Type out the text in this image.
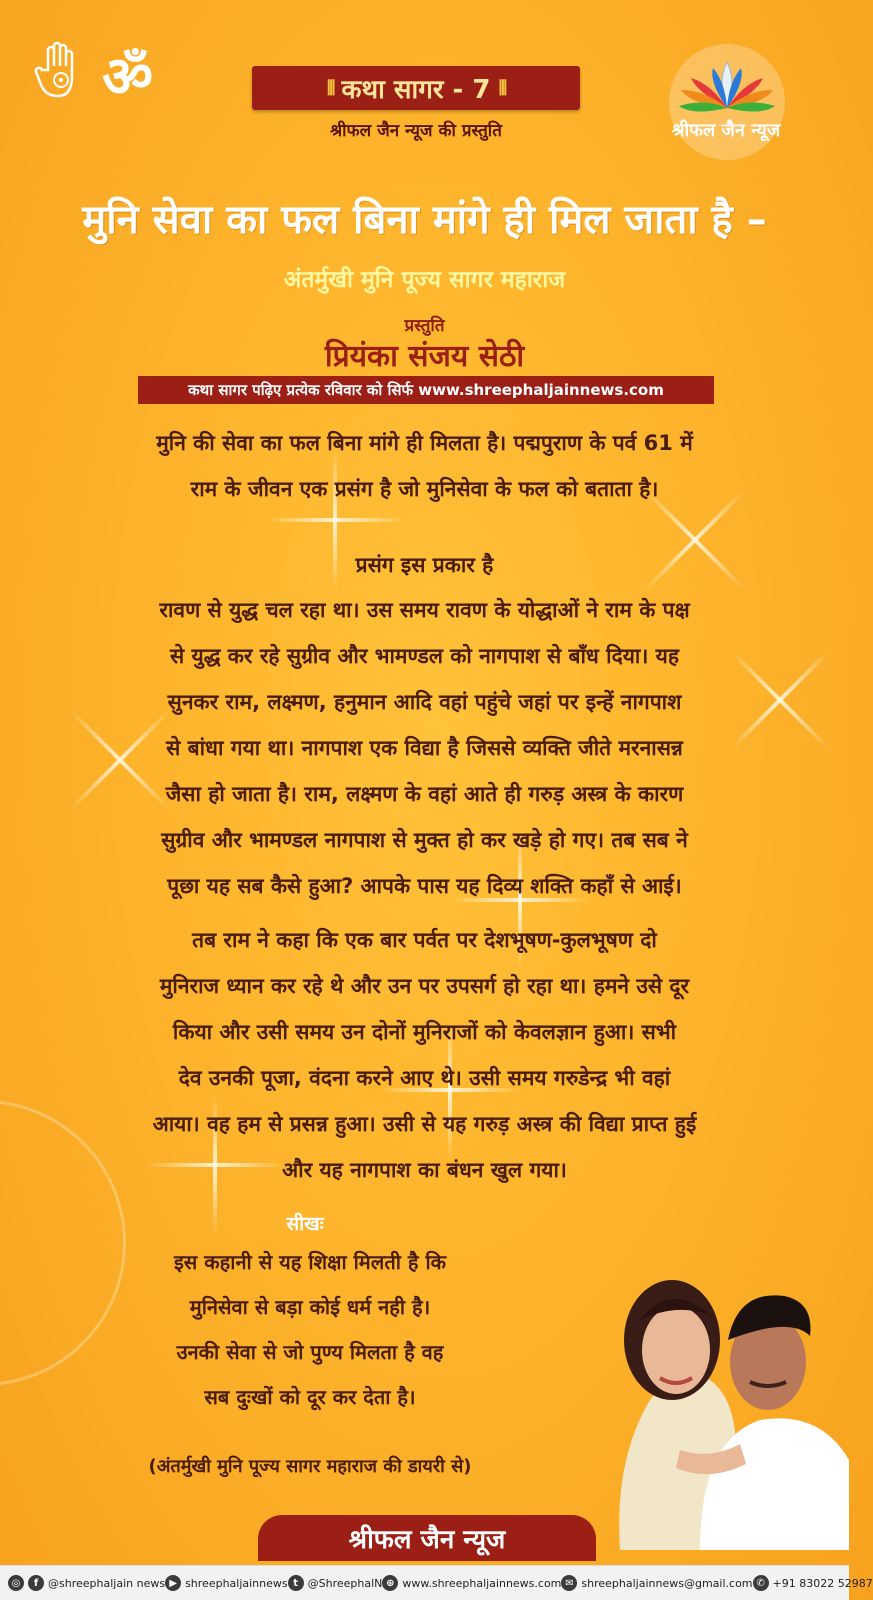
ॐ	⦀ कथा सागर - 7 ⦀
श्रीफल जैन न्यूज की प्रस्तुति	श्रीफल जैन न्यूज
मुनि सेवा का फल बिना मांगे ही मिल जाता है –
अंतर्मुखी मुनि पूज्य सागर महाराज
प्रस्तुति
प्रियंका संजय सेठी
कथा सागर पढ़िए प्रत्येक रविवार को सिर्फ www.shreephaljainnews.com
मुनि की सेवा का फल बिना मांगे ही मिलता है। पद्मपुराण के पर्व 61 में
राम के जीवन एक प्रसंग है जो मुनिसेवा के फल को बताता है।
प्रसंग इस प्रकार है
रावण से युद्ध चल रहा था। उस समय रावण के योद्धाओं ने राम के पक्ष
से युद्ध कर रहे सुग्रीव और भामण्डल को नागपाश से बाँध दिया। यह
सुनकर राम, लक्ष्मण, हनुमान आदि वहां पहुंचे जहां पर इन्हें नागपाश
से बांधा गया था। नागपाश एक विद्या है जिससे व्यक्ति जीते मरनासन्न
जैसा हो जाता है। राम, लक्ष्मण के वहां आते ही गरुड़ अस्त्र के कारण
सुग्रीव और भामण्डल नागपाश से मुक्त हो कर खड़े हो गए। तब सब ने
पूछा यह सब कैसे हुआ? आपके पास यह दिव्य शक्ति कहाँ से आई।
तब राम ने कहा कि एक बार पर्वत पर देशभूषण-कुलभूषण दो
मुनिराज ध्यान कर रहे थे और उन पर उपसर्ग हो रहा था। हमने उसे दूर
किया और उसी समय उन दोनों मुनिराजों को केवलज्ञान हुआ। सभी
देव उनकी पूजा, वंदना करने आए थे। उसी समय गरुडेन्द्र भी वहां
आया। वह हम से प्रसन्न हुआ। उसी से यह गरुड़ अस्त्र की विद्या प्राप्त हुई
और यह नागपाश का बंधन खुल गया।
सीखः
इस कहानी से यह शिक्षा मिलती है कि
मुनिसेवा से बड़ा कोई धर्म नही है।
उनकी सेवा से जो पुण्य मिलता है वह
सब दुःखों को दूर कर देता है।
(अंतर्मुखी मुनि पूज्य सागर महाराज की डायरी से)
श्रीफल जैन न्यूज
◎	f @shreephaljain news ▶ shreephaljainnews t @ShreephalN ⊕ www.shreephaljainnews.com ✉ shreephaljainnews@gmail.com ✆ +91 83022 52987
